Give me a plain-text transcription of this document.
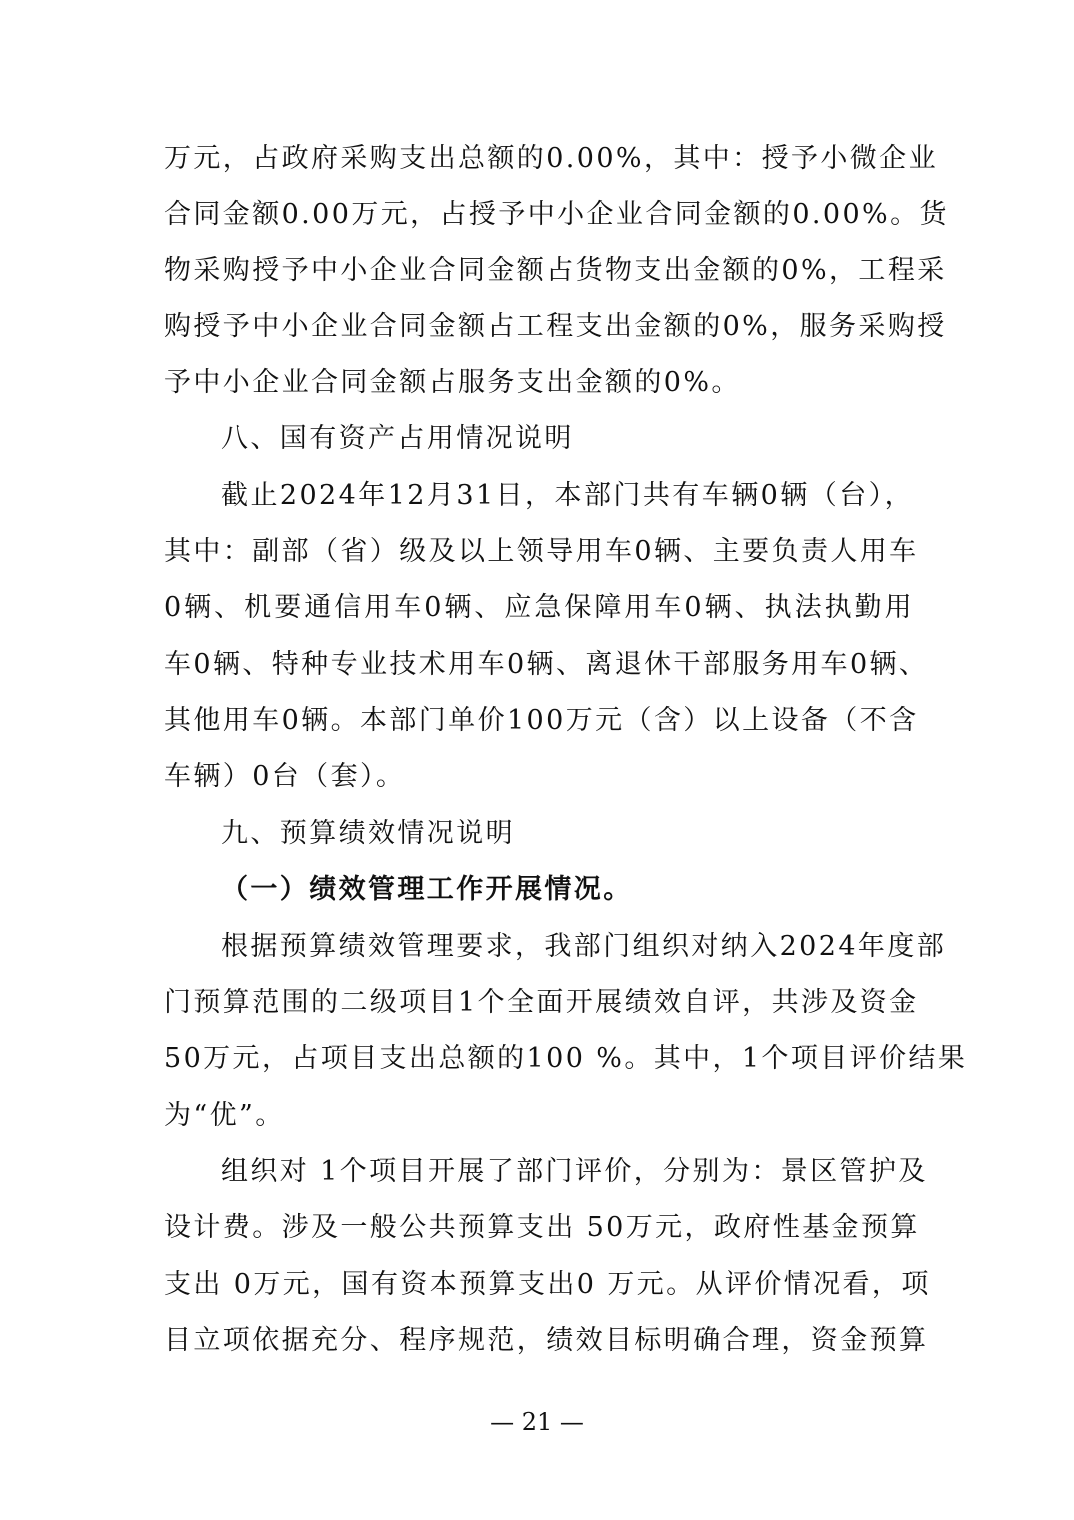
万元，占政府采购支出总额的0.00%，其中：授予小微企业
合同金额0.00万元，占授予中小企业合同金额的0.00%。货
物采购授予中小企业合同金额占货物支出金额的0%，工程采
购授予中小企业合同金额占工程支出金额的0%，服务采购授
予中小企业合同金额占服务支出金额的0%。
八、国有资产占用情况说明
截止2024年12月31日，本部门共有车辆0辆（台），
其中：副部（省）级及以上领导用车0辆、主要负责人用车
0辆、机要通信用车0辆、应急保障用车0辆、执法执勤用
车0辆、特种专业技术用车0辆、离退休干部服务用车0辆、
其他用车0辆。本部门单价100万元（含）以上设备（不含
车辆）0台（套）。
九、预算绩效情况说明
（一）绩效管理工作开展情况。
根据预算绩效管理要求，我部门组织对纳入2024年度部
门预算范围的二级项目1个全面开展绩效自评，共涉及资金
50万元，占项目支出总额的100 %。其中，1个项目评价结果
为“优”。
组织对 1个项目开展了部门评价，分别为：景区管护及
设计费。涉及一般公共预算支出 50万元，政府性基金预算
支出 0万元，国有资本预算支出0 万元。从评价情况看，项
目立项依据充分、程序规范，绩效目标明确合理，资金预算
— 21 —
